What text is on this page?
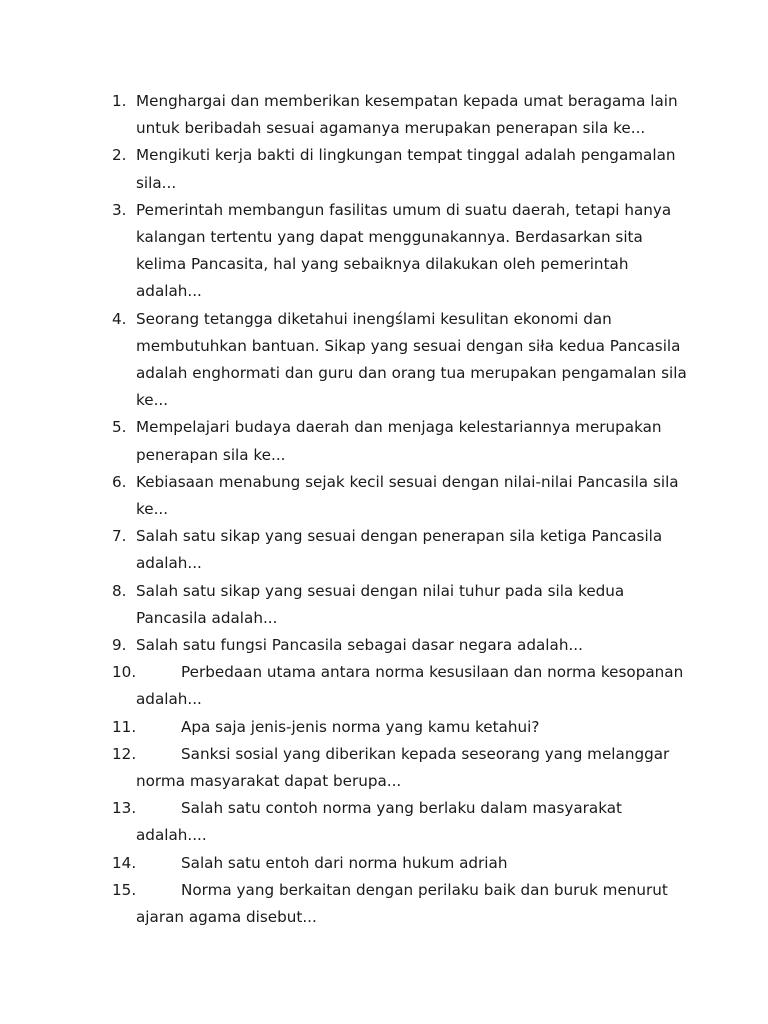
1. Menghargai dan memberikan kesempatan kepada umat beragama lain untuk beribadah sesuai agamanya merupakan penerapan sila ke...
2. Mengikuti kerja bakti di lingkungan tempat tinggal adalah pengamalan sila...
3. Pemerintah membangun fasilitas umum di suatu daerah, tetapi hanya kalangan tertentu yang dapat menggunakannya. Berdasarkan sita kelima Pancasita, hal yang sebaiknya dilakukan oleh pemerintah adalah...
4. Seorang tetangga diketahui inengślami kesulitan ekonomi dan membutuhkan bantuan. Sikap yang sesuai dengan siła kedua Pancasila adalah enghormati dan guru dan orang tua merupakan pengamalan sila ke...
5. Mempelajari budaya daerah dan menjaga kelestariannya merupakan penerapan sila ke...
6. Kebiasaan menabung sejak kecil sesuai dengan nilai-nilai Pancasila sila ke...
7. Salah satu sikap yang sesuai dengan penerapan sila ketiga Pancasila adalah...
8. Salah satu sikap yang sesuai dengan nilai tuhur pada sila kedua Pancasila adalah...
9. Salah satu fungsi Pancasila sebagai dasar negara adalah...
10.	Perbedaan utama antara norma kesusilaan dan norma kesopanan adalah...
11.	Apa saja jenis-jenis norma yang kamu ketahui?
12.	Sanksi sosial yang diberikan kepada seseorang yang melanggar norma masyarakat dapat berupa...
13.	Salah satu contoh norma yang berlaku dalam masyarakat adalah....
14.	Salah satu entoh dari norma hukum adriah
15.	Norma yang berkaitan dengan perilaku baik dan buruk menurut ajaran agama disebut...
